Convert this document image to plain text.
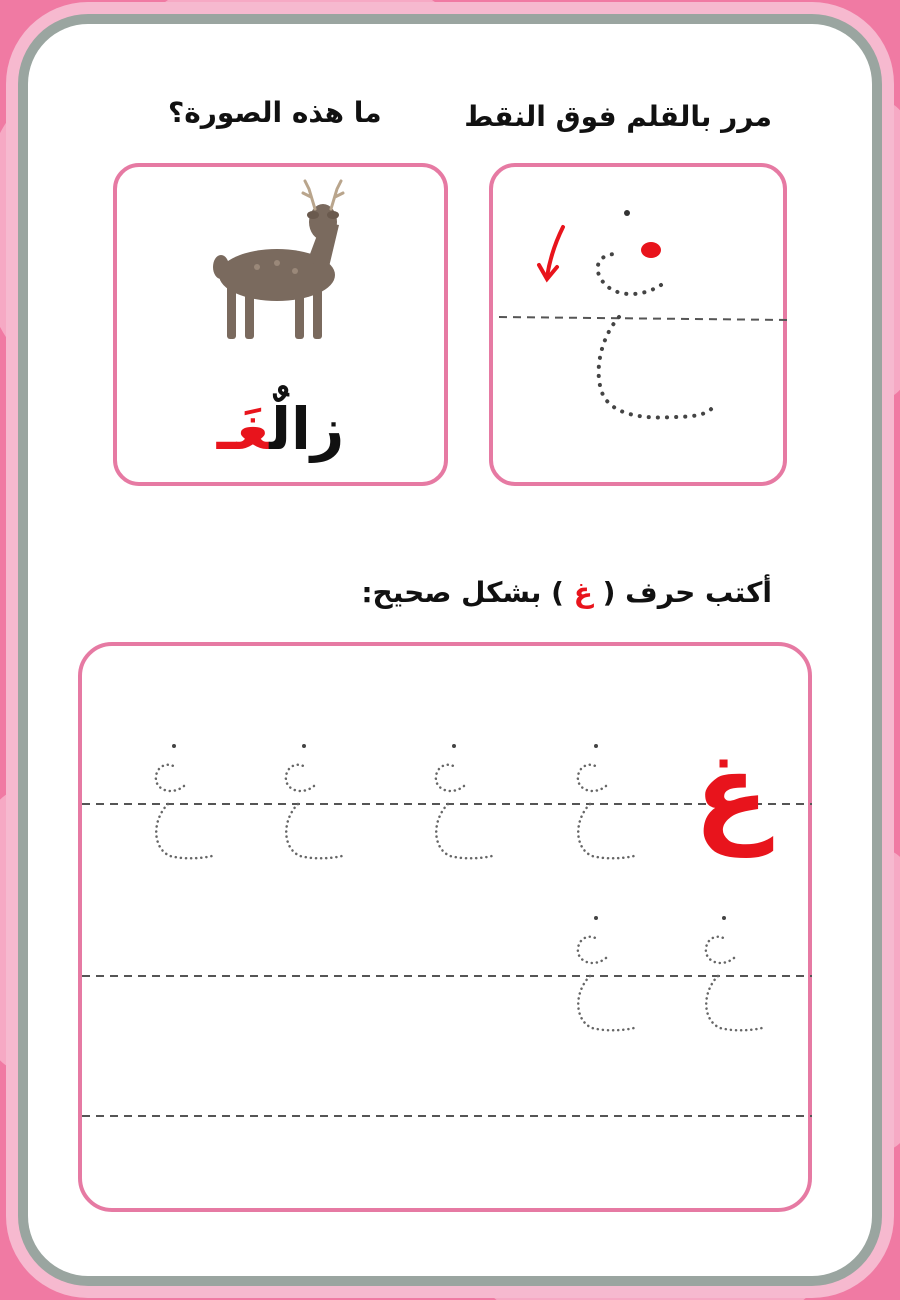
مرر بالقلم فوق النقط
ما هذه الصورة؟
زالٌغَـ
أكتب حرف ( غ ) بشكل صحيح:
غ
